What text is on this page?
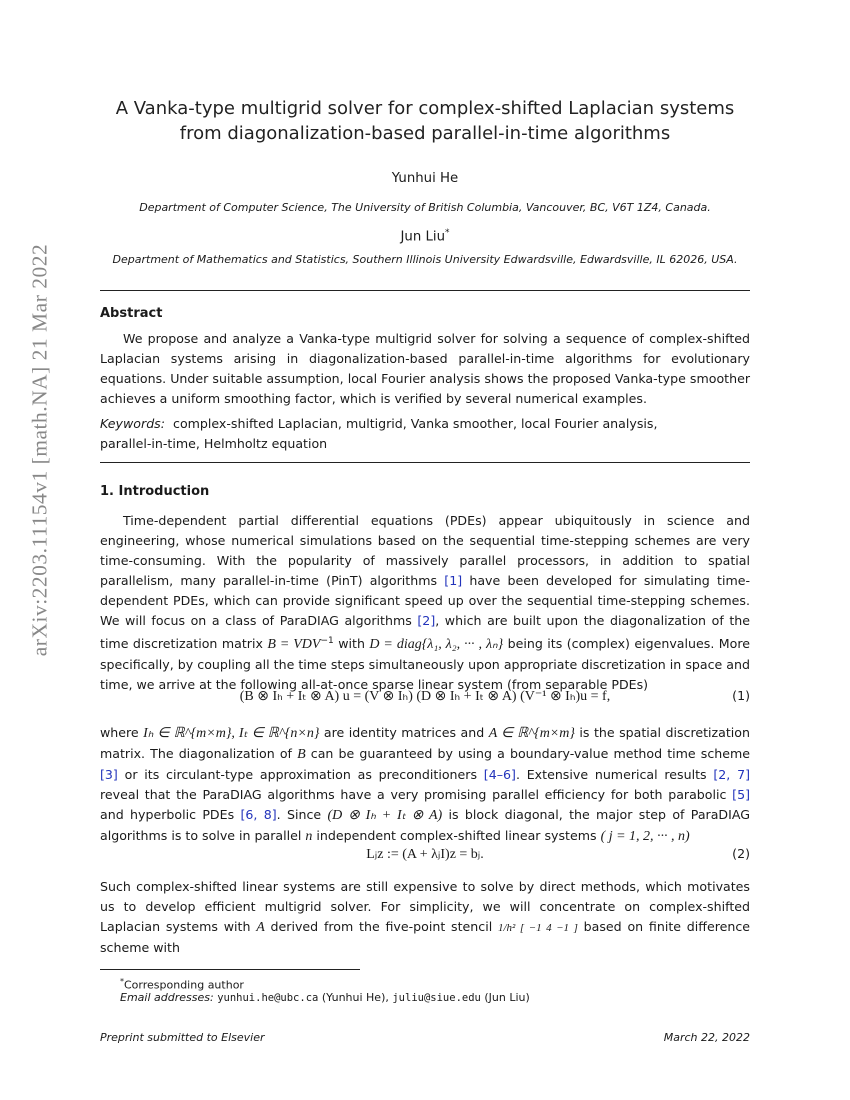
arXiv:2203.11154v1 [math.NA] 21 Mar 2022
A Vanka-type multigrid solver for complex-shifted Laplacian systems
from diagonalization-based parallel-in-time algorithms
Yunhui He
Department of Computer Science, The University of British Columbia, Vancouver, BC, V6T 1Z4, Canada.
Jun Liu*
Department of Mathematics and Statistics, Southern Illinois University Edwardsville, Edwardsville, IL 62026, USA.
Abstract

We propose and analyze a Vanka-type multigrid solver for solving a sequence of complex-shifted Laplacian systems arising in diagonalization-based parallel-in-time algorithms for evolutionary equations. Under suitable assumption, local Fourier analysis shows the proposed Vanka-type smoother achieves a uniform smoothing factor, which is verified by several numerical examples.

Keywords: complex-shifted Laplacian, multigrid, Vanka smoother, local Fourier analysis,

parallel-in-time, Helmholtz equation

1. Introduction

Time-dependent partial differential equations (PDEs) appear ubiquitously in science and engineering, whose numerical simulations based on the sequential time-stepping schemes are very time-consuming. With the popularity of massively parallel processors, in addition to spatial parallelism, many parallel-in-time (PinT) algorithms [1] have been developed for simulating time-dependent PDEs, which can provide significant speed up over the sequential time-stepping schemes. We will focus on a class of ParaDIAG algorithms [2], which are built upon the diagonalization of the time discretization matrix $B = VDV^{-1}$ with D = diag{λ₁, λ₂, ··· , λₙ} being its (complex) eigenvalues. More specifically, by coupling all the time steps simultaneously upon appropriate discretization in space and time, we arrive at the following all-at-once sparse linear system (from separable PDEs)

(B ⊗ Iₕ + Iₜ ⊗ A) u = (V ⊗ Iₕ) (D ⊗ Iₕ + Iₜ ⊗ A) (V⁻¹ ⊗ Iₕ)u = f,	(1)

where Iₕ ∈ ℝ^{m×m}, Iₜ ∈ ℝ^{n×n} are identity matrices and A ∈ ℝ^{m×m} is the spatial discretization matrix. The diagonalization of B can be guaranteed by using a boundary-value method time scheme [3] or its circulant-type approximation as preconditioners [4–6]. Extensive numerical results [2, 7] reveal that the ParaDIAG algorithms have a very promising parallel efficiency for both parabolic [5] and hyperbolic PDEs [6, 8]. Since (D ⊗ Iₕ + Iₜ ⊗ A) is block diagonal, the major step of ParaDIAG algorithms is to solve in parallel n independent complex-shifted linear systems ( j = 1, 2, ··· , n)

Lⱼz := (A + λⱼI)z = bⱼ.	(2)

Such complex-shifted linear systems are still expensive to solve by direct methods, which motivates us to develop efficient multigrid solver. For simplicity, we will concentrate on complex-shifted Laplacian systems with A derived from the five-point stencil 1/h² [ −1 4 −1 ] based on finite difference scheme with

*Corresponding author
Email addresses: yunhui.he@ubc.ca (Yunhui He), juliu@siue.edu (Jun Liu)
Preprint submitted to Elsevier	March 22, 2022
